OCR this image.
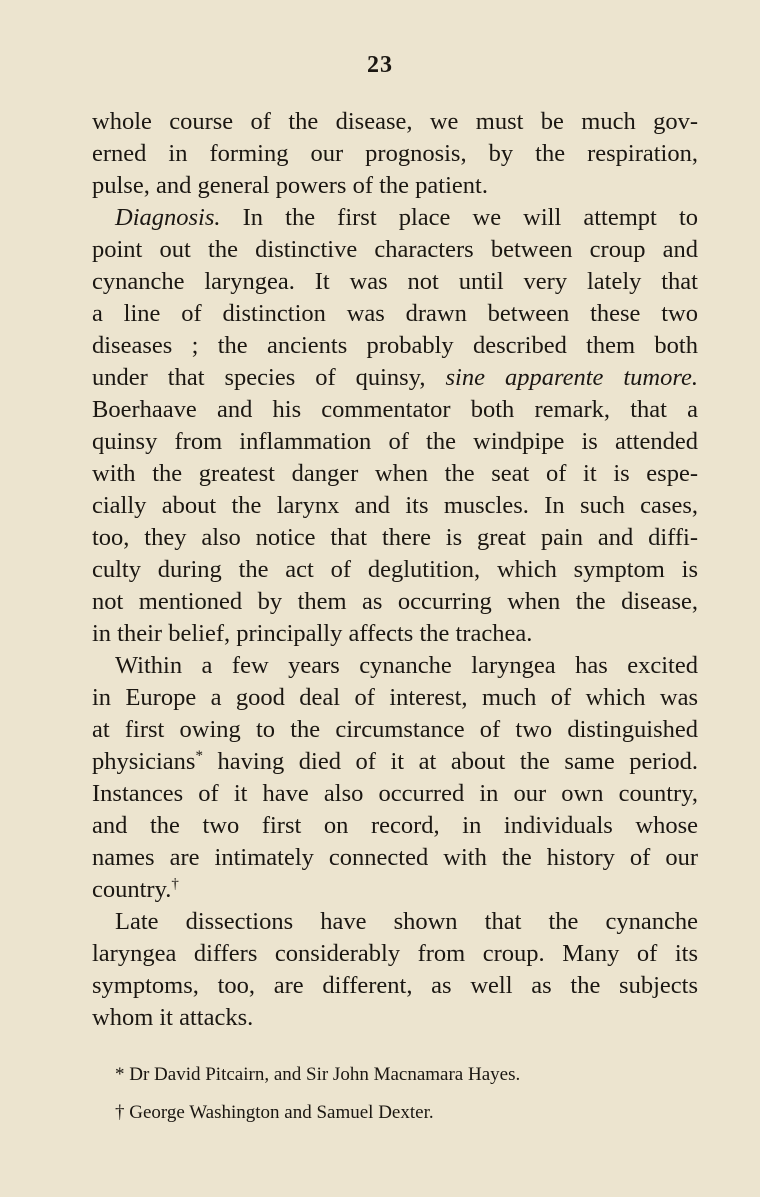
23
whole course of the disease, we must be much gov-
erned in forming our prognosis, by the respiration,
pulse, and general powers of the patient.
Diagnosis. In the first place we will attempt to
point out the distinctive characters between croup and
cynanche laryngea. It was not until very lately that
a line of distinction was drawn between these two
diseases ; the ancients probably described them both
under that species of quinsy, sine apparente tumore.
Boerhaave and his commentator both remark, that a
quinsy from inflammation of the windpipe is attended
with the greatest danger when the seat of it is espe-
cially about the larynx and its muscles. In such cases,
too, they also notice that there is great pain and diffi-
culty during the act of deglutition, which symptom is
not mentioned by them as occurring when the disease,
in their belief, principally affects the trachea.
Within a few years cynanche laryngea has excited
in Europe a good deal of interest, much of which was
at first owing to the circumstance of two distinguished
physicians* having died of it at about the same period.
Instances of it have also occurred in our own country,
and the two first on record, in individuals whose
names are intimately connected with the history of our
country.†
Late dissections have shown that the cynanche
laryngea differs considerably from croup. Many of its
symptoms, too, are different, as well as the subjects
whom it attacks.
* Dr David Pitcairn, and Sir John Macnamara Hayes.
† George Washington and Samuel Dexter.
